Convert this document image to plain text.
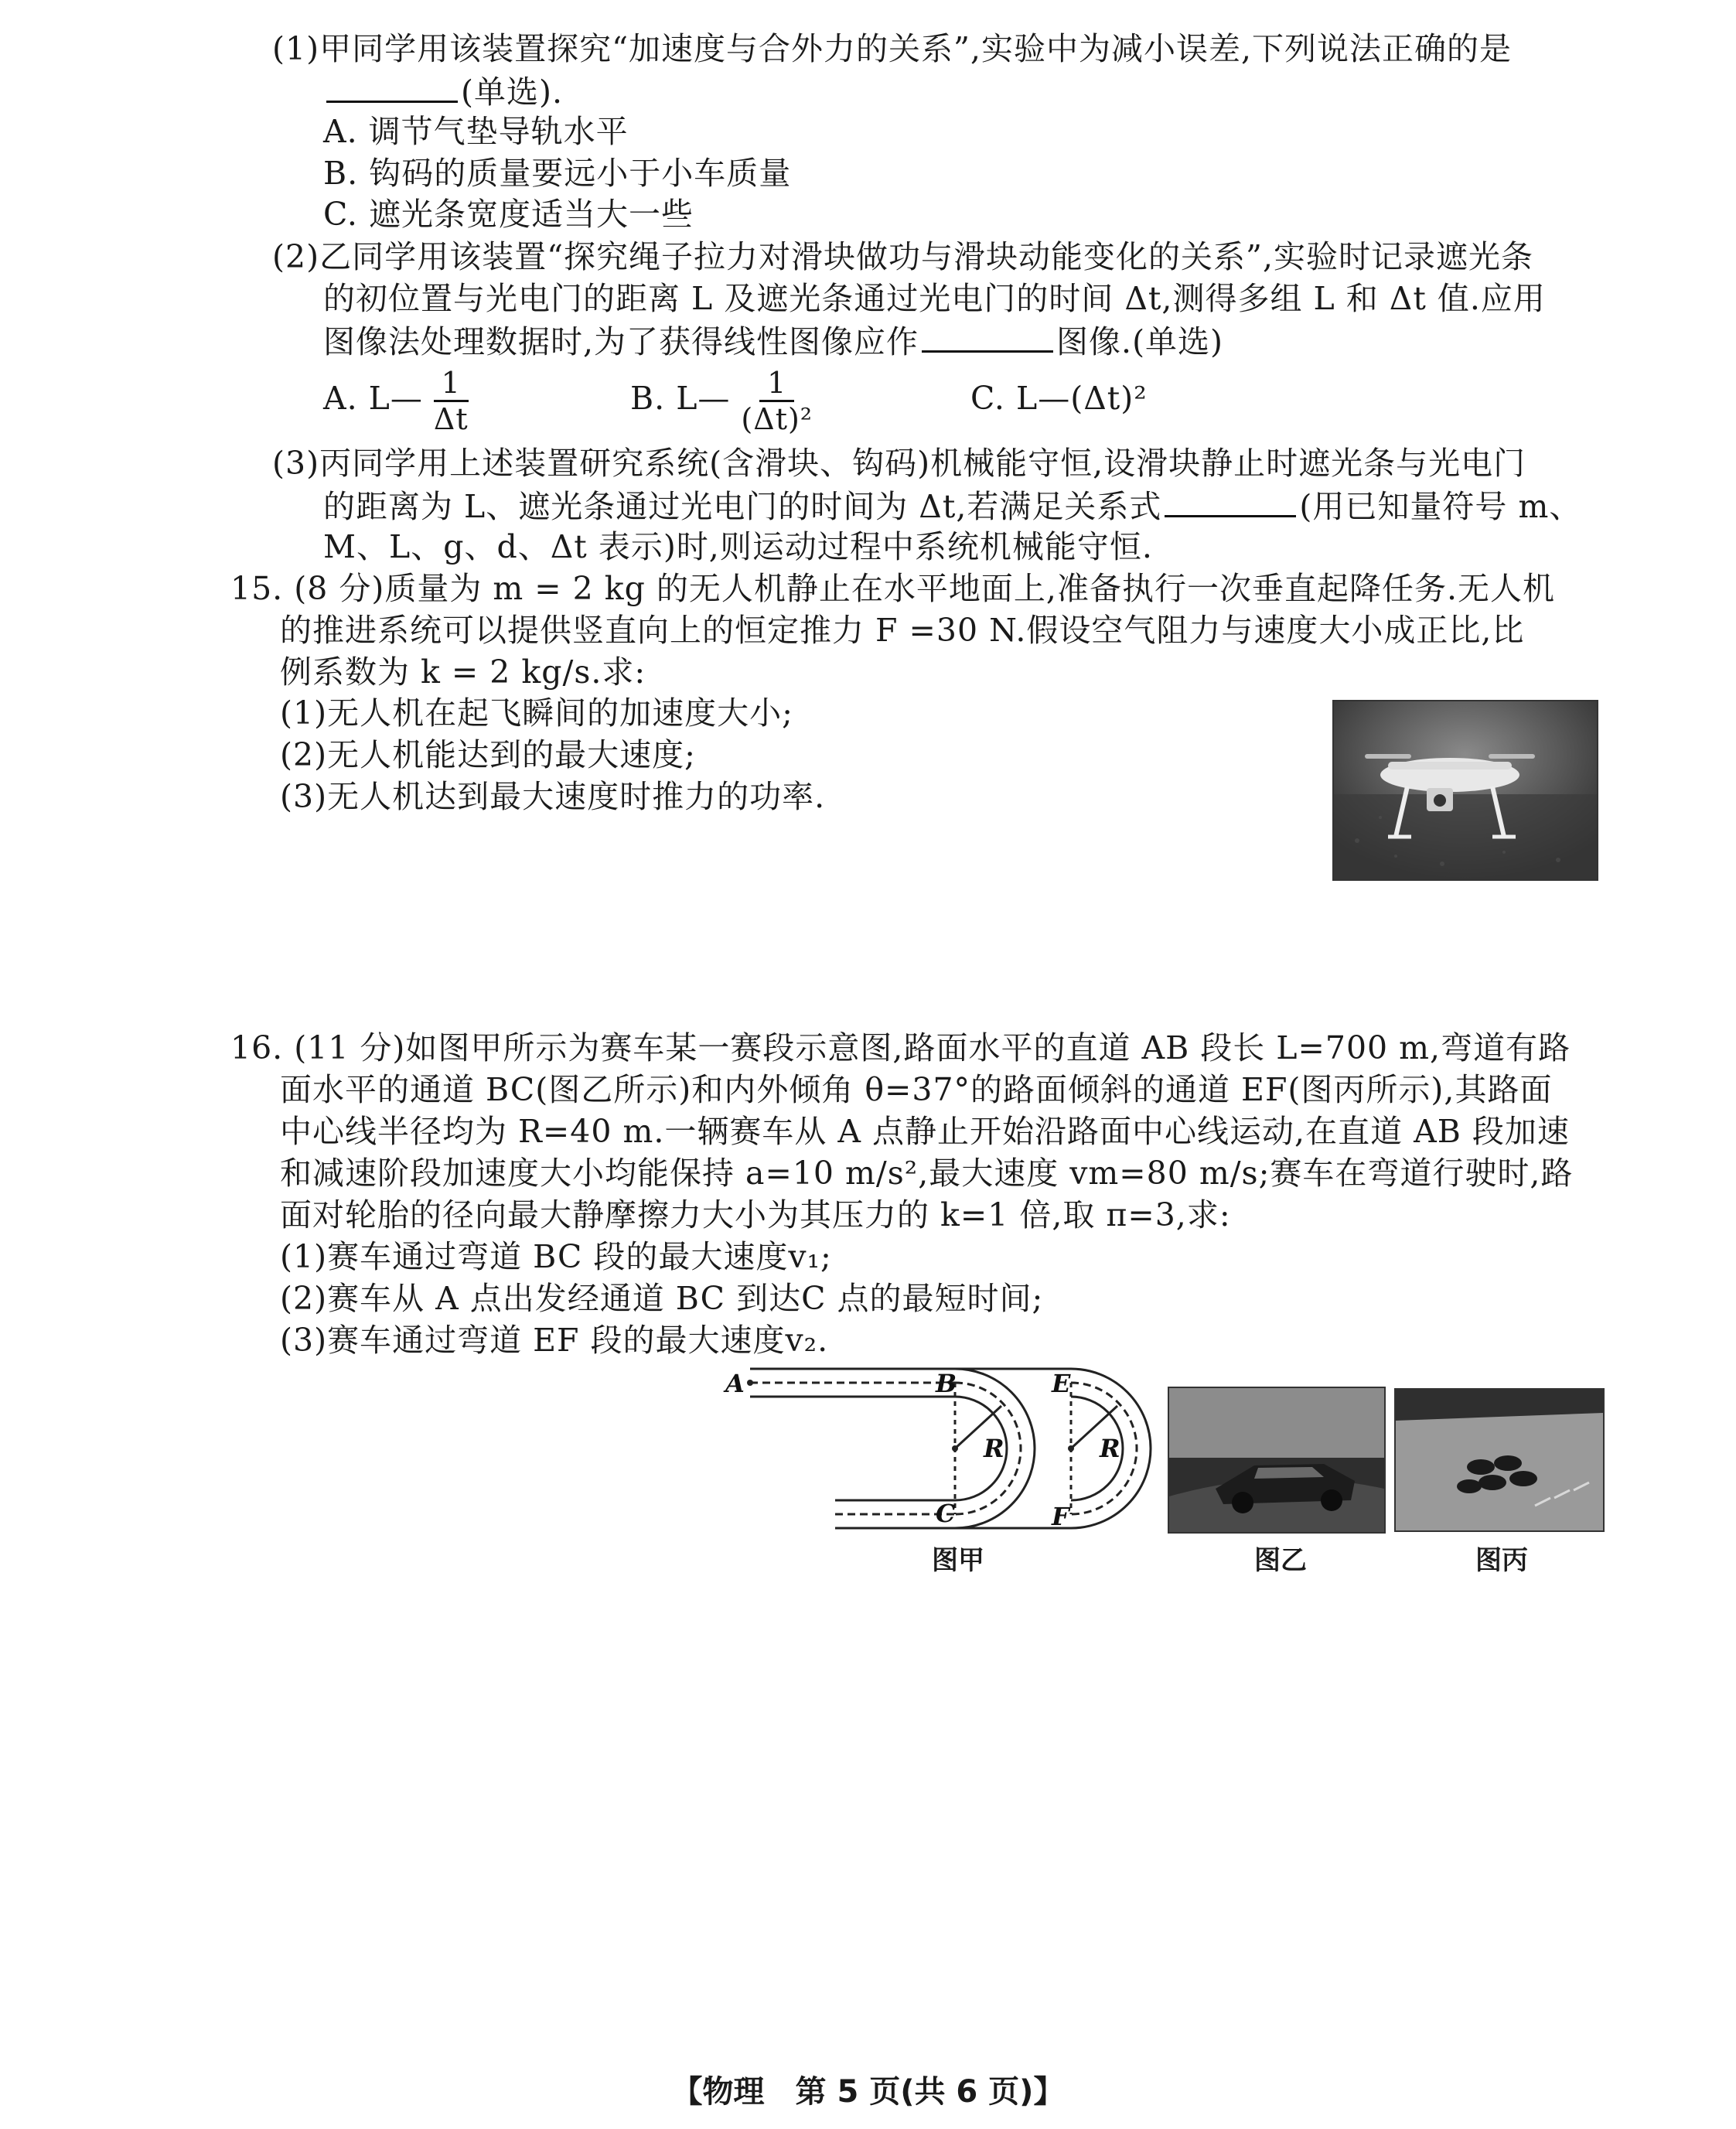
(1)甲同学用该装置探究“加速度与合外力的关系”,实验中为减小误差,下列说法正确的是
(单选).
A. 调节气垫导轨水平
B. 钩码的质量要远小于小车质量
C. 遮光条宽度适当大一些
(2)乙同学用该装置“探究绳子拉力对滑块做功与滑块动能变化的关系”,实验时记录遮光条
的初位置与光电门的距离 L 及遮光条通过光电门的时间 Δt,测得多组 L 和 Δt 值.应用
图像法处理数据时,为了获得线性图像应作	图像.(单选)
A. L— $\frac{1}{\Delta t}$	B. L— $\frac{1}{\text{(Δt)²}}$	C. L—(Δt)²
(3)丙同学用上述装置研究系统(含滑块、钩码)机械能守恒,设滑块静止时遮光条与光电门
的距离为 L、遮光条通过光电门的时间为 Δt,若满足关系式	(用已知量符号 m、
M、L、g、d、Δt 表示)时,则运动过程中系统机械能守恒.
15. (8 分)质量为 m = 2 kg 的无人机静止在水平地面上,准备执行一次垂直起降任务.无人机
的推进系统可以提供竖直向上的恒定推力 F =30 N.假设空气阻力与速度大小成正比,比
例系数为 k = 2 kg/s.求:
(1)无人机在起飞瞬间的加速度大小;
(2)无人机能达到的最大速度;
(3)无人机达到最大速度时推力的功率.
16. (11 分)如图甲所示为赛车某一赛段示意图,路面水平的直道 AB 段长 L=700 m,弯道有路
面水平的通道 BC(图乙所示)和内外倾角 θ=37°的路面倾斜的通道 EF(图丙所示),其路面
中心线半径均为 R=40 m.一辆赛车从 A 点静止开始沿路面中心线运动,在直道 AB 段加速
和减速阶段加速度大小均能保持 a=10 m/s²,最大速度 vm=80 m/s;赛车在弯道行驶时,路
面对轮胎的径向最大静摩擦力大小为其压力的 k=1 倍,取 π=3,求:
(1)赛车通过弯道 BC 段的最大速度v₁;
(2)赛车从 A 点出发经通道 BC 到达C 点的最短时间;
(3)赛车通过弯道 EF 段的最大速度v₂.
A	B
C
E
F
R	R
图甲	图乙	图丙
【物理　第 5 页(共 6 页)】
